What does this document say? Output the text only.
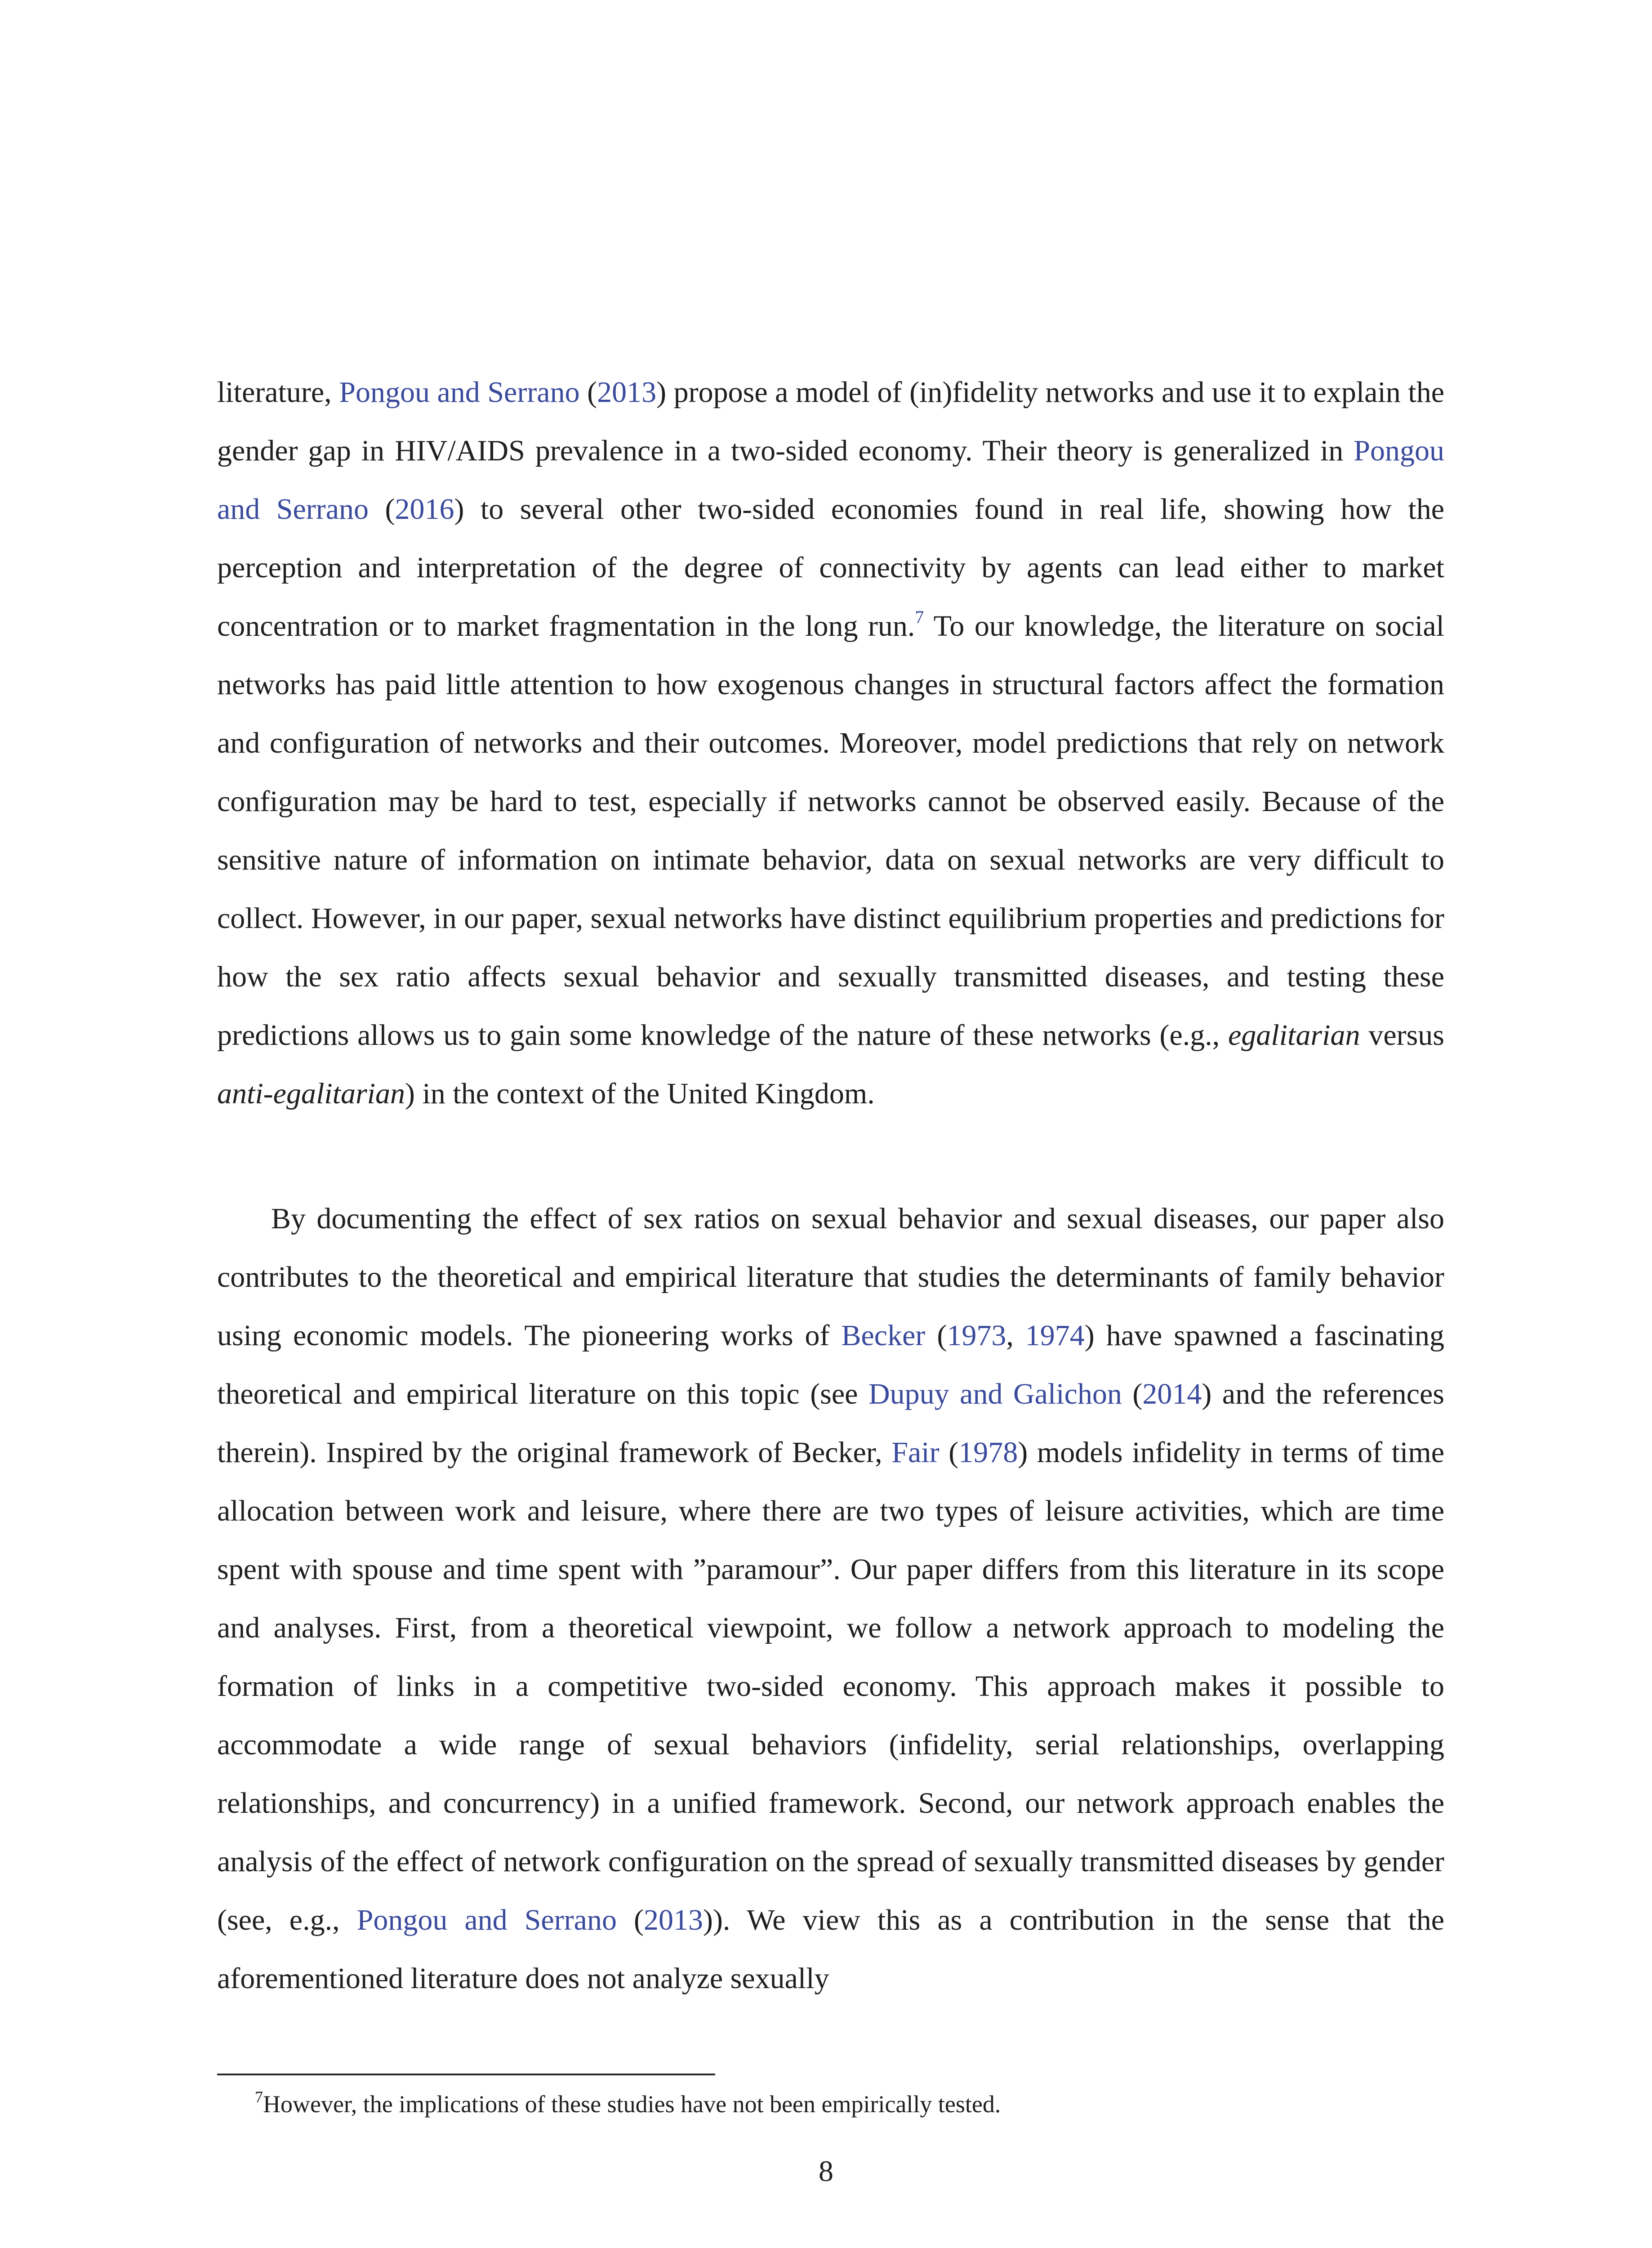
literature, Pongou and Serrano (2013) propose a model of (in)fidelity networks and use it to explain the gender gap in HIV/AIDS prevalence in a two-sided economy. Their theory is generalized in Pongou and Serrano (2016) to several other two-sided economies found in real life, showing how the perception and interpretation of the degree of connectivity by agents can lead either to market concentration or to market fragmentation in the long run.$^7$ To our knowledge, the literature on social networks has paid little attention to how exogenous changes in structural factors affect the formation and configuration of networks and their outcomes. Moreover, model predictions that rely on network configuration may be hard to test, especially if networks cannot be observed easily. Because of the sensitive nature of information on intimate behavior, data on sexual networks are very difficult to collect. However, in our paper, sexual networks have distinct equilibrium properties and predictions for how the sex ratio affects sexual behavior and sexually transmitted diseases, and testing these predictions allows us to gain some knowledge of the nature of these networks (e.g., egalitarian versus anti-egalitarian) in the context of the United Kingdom.

By documenting the effect of sex ratios on sexual behavior and sexual diseases, our paper also contributes to the theoretical and empirical literature that studies the determinants of family behavior using economic models. The pioneering works of Becker (1973, 1974) have spawned a fascinating theoretical and empirical literature on this topic (see Dupuy and Galichon (2014) and the references therein). Inspired by the original framework of Becker, Fair (1978) models infidelity in terms of time allocation between work and leisure, where there are two types of leisure activities, which are time spent with spouse and time spent with ”paramour”. Our paper differs from this literature in its scope and analyses. First, from a theoretical viewpoint, we follow a network approach to modeling the formation of links in a competitive two-sided economy. This approach makes it possible to accommodate a wide range of sexual behaviors (infidelity, serial relationships, overlapping relationships, and concurrency) in a unified framework. Second, our network approach enables the analysis of the effect of network configuration on the spread of sexually transmitted diseases by gender (see, e.g., Pongou and Serrano (2013)). We view this as a contribution in the sense that the aforementioned literature does not analyze sexually

$^7$However, the implications of these studies have not been empirically tested.
8
